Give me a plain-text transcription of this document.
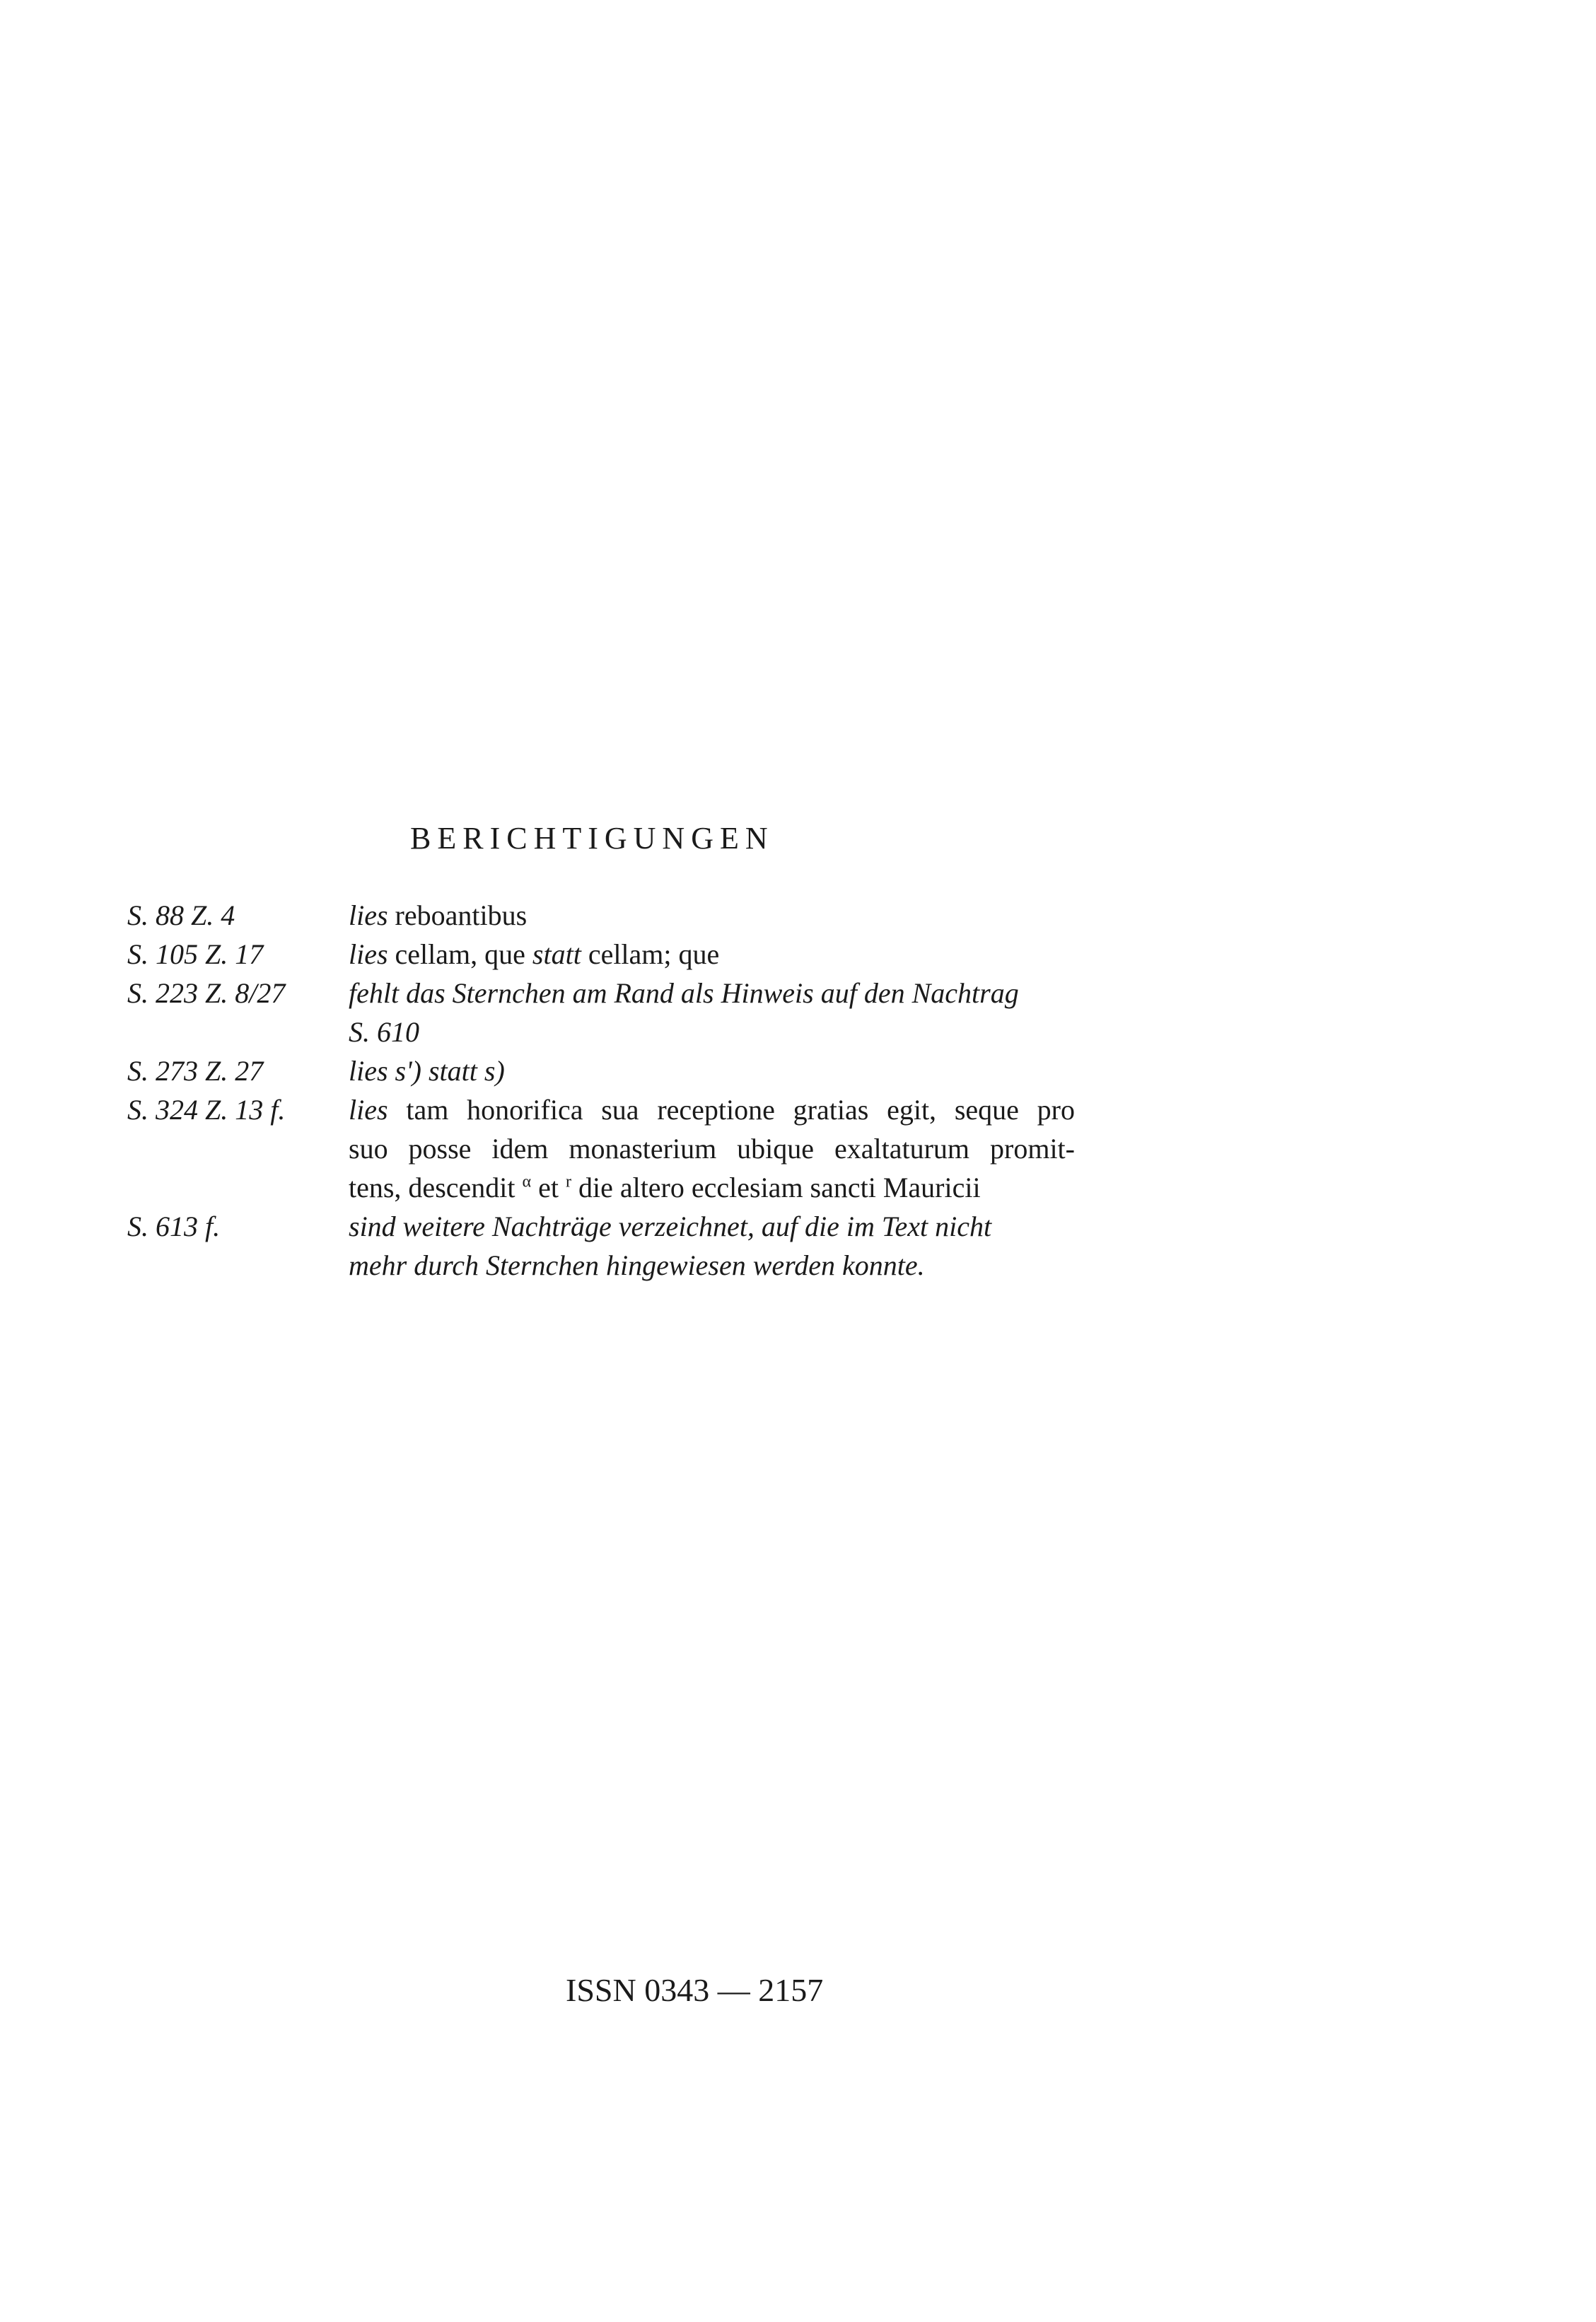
BERICHTIGUNGEN
S. 88 Z. 4	lies reboantibus
S. 105 Z. 17	lies cellam, que statt cellam; que
S. 223 Z. 8/27	fehlt das Sternchen am Rand als Hinweis auf den Nachtrag
	S. 610
S. 273 Z. 27	lies s') statt s)
S. 324 Z. 13 f.	lies tam honorifica sua receptione gratias egit, seque pro
	suo posse idem monasterium ubique exaltaturum promit-
	tens, descendit $^\alpha$ et $^r$ die altero ecclesiam sancti Mauricii
S. 613 f.	sind weitere Nachträge verzeichnet, auf die im Text nicht
	mehr durch Sternchen hingewiesen werden konnte.

ISSN 0343 — 2157
